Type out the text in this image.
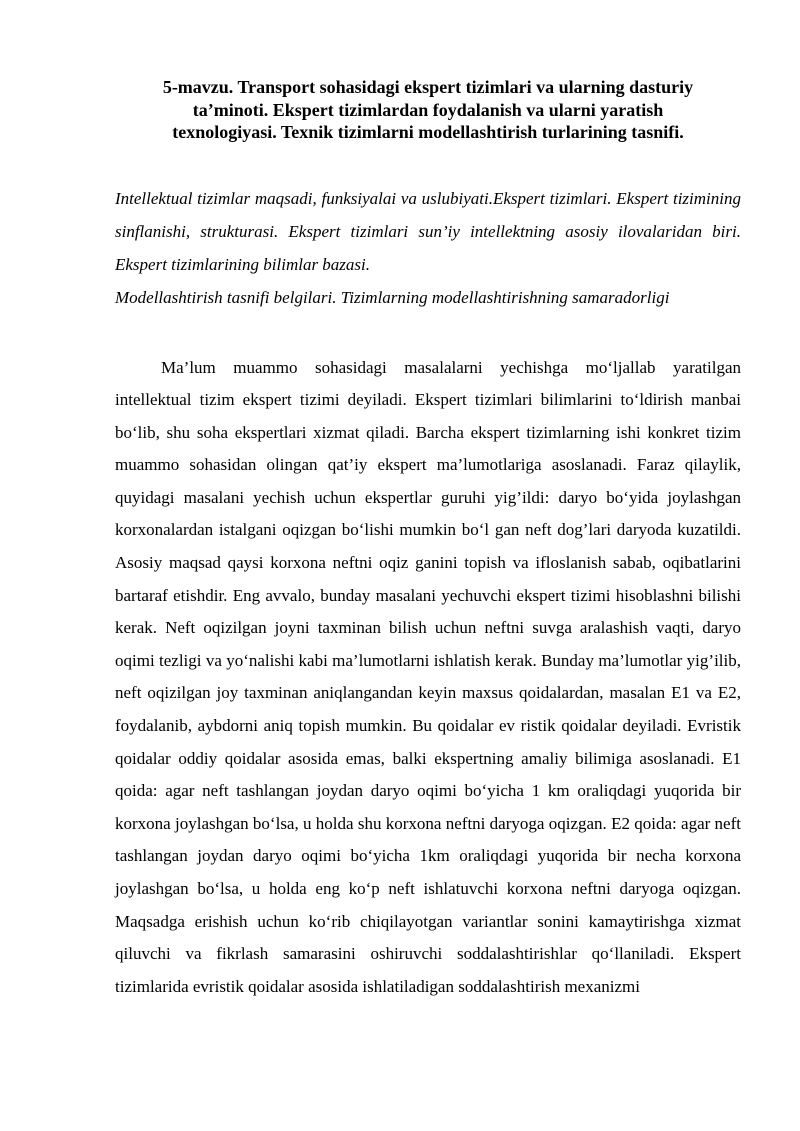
5-mavzu. Transport sohasidagi ekspert tizimlari va ularning dasturiy
ta’minoti. Ekspert tizimlardan foydalanish va ularni yaratish
texnologiyasi. Texnik tizimlarni modellashtirish turlarining tasnifi.
Intellektual tizimlar maqsadi, funksiyalai va uslubiyati.Ekspert tizimlari. Ekspert tizimining sinflanishi, strukturasi. Ekspert tizimlari sun’iy intellektning asosiy ilovalaridan biri. Ekspert tizimlarining bilimlar bazasi.
Modellashtirish tasnifi belgilari. Tizimlarning modellashtirishning samaradorligi

Ma’lum muammo sohasidagi masalalarni yechishga mo‘ljallab yaratilgan intellektual tizim ekspert tizimi deyiladi. Ekspert tizimlari bilimlarini to‘ldirish manbai bo‘lib, shu soha ekspertlari xizmat qiladi. Barcha ekspert tizimlarning ishi konkret tizim muammo sohasidan olingan qat’iy ekspert ma’lumotlariga asoslanadi. Faraz qilaylik, quyidagi masalani yechish uchun ekspertlar guruhi yig’ildi: daryo bo‘yida joylashgan korxonalardan istalgani oqizgan bo‘lishi mumkin bo‘l gan neft dog’lari daryoda kuzatildi. Asosiy maqsad qaysi korxona neftni oqiz ganini topish va ifloslanish sabab, oqibatlarini bartaraf etishdir. Eng avvalo, bunday masalani yechuvchi ekspert tizimi hisoblashni bilishi kerak. Neft oqizilgan joyni taxminan bilish uchun neftni suvga aralashish vaqti, daryo oqimi tezligi va yo‘nalishi kabi ma’lumotlarni ishlatish kerak. Bunday ma’lumotlar yig’ilib, neft oqizilgan joy taxminan aniqlangandan keyin maxsus qoidalardan, masalan E1 va E2, foydalanib, aybdorni aniq topish mumkin. Bu qoidalar ev ristik qoidalar deyiladi. Evristik qoidalar oddiy qoidalar asosida emas, balki ekspertning amaliy bilimiga asoslanadi. E1 qoida: agar neft tashlangan joydan daryo oqimi bo‘yicha 1 km oraliqdagi yuqorida bir korxona joylashgan bo‘lsa, u holda shu korxona neftni daryoga oqizgan. E2 qoida: agar neft tashlangan joydan daryo oqimi bo‘yicha 1km oraliqdagi yuqorida bir necha korxona joylashgan bo‘lsa, u holda eng ko‘p neft ishlatuvchi korxona neftni daryoga oqizgan. Maqsadga erishish uchun ko‘rib chiqilayotgan variantlar sonini kamaytirishga xizmat qiluvchi va fikrlash samarasini oshiruvchi soddalashtirishlar qo‘llaniladi. Ekspert tizimlarida evristik qoidalar asosida ishlatiladigan soddalashtirish mexanizmi
